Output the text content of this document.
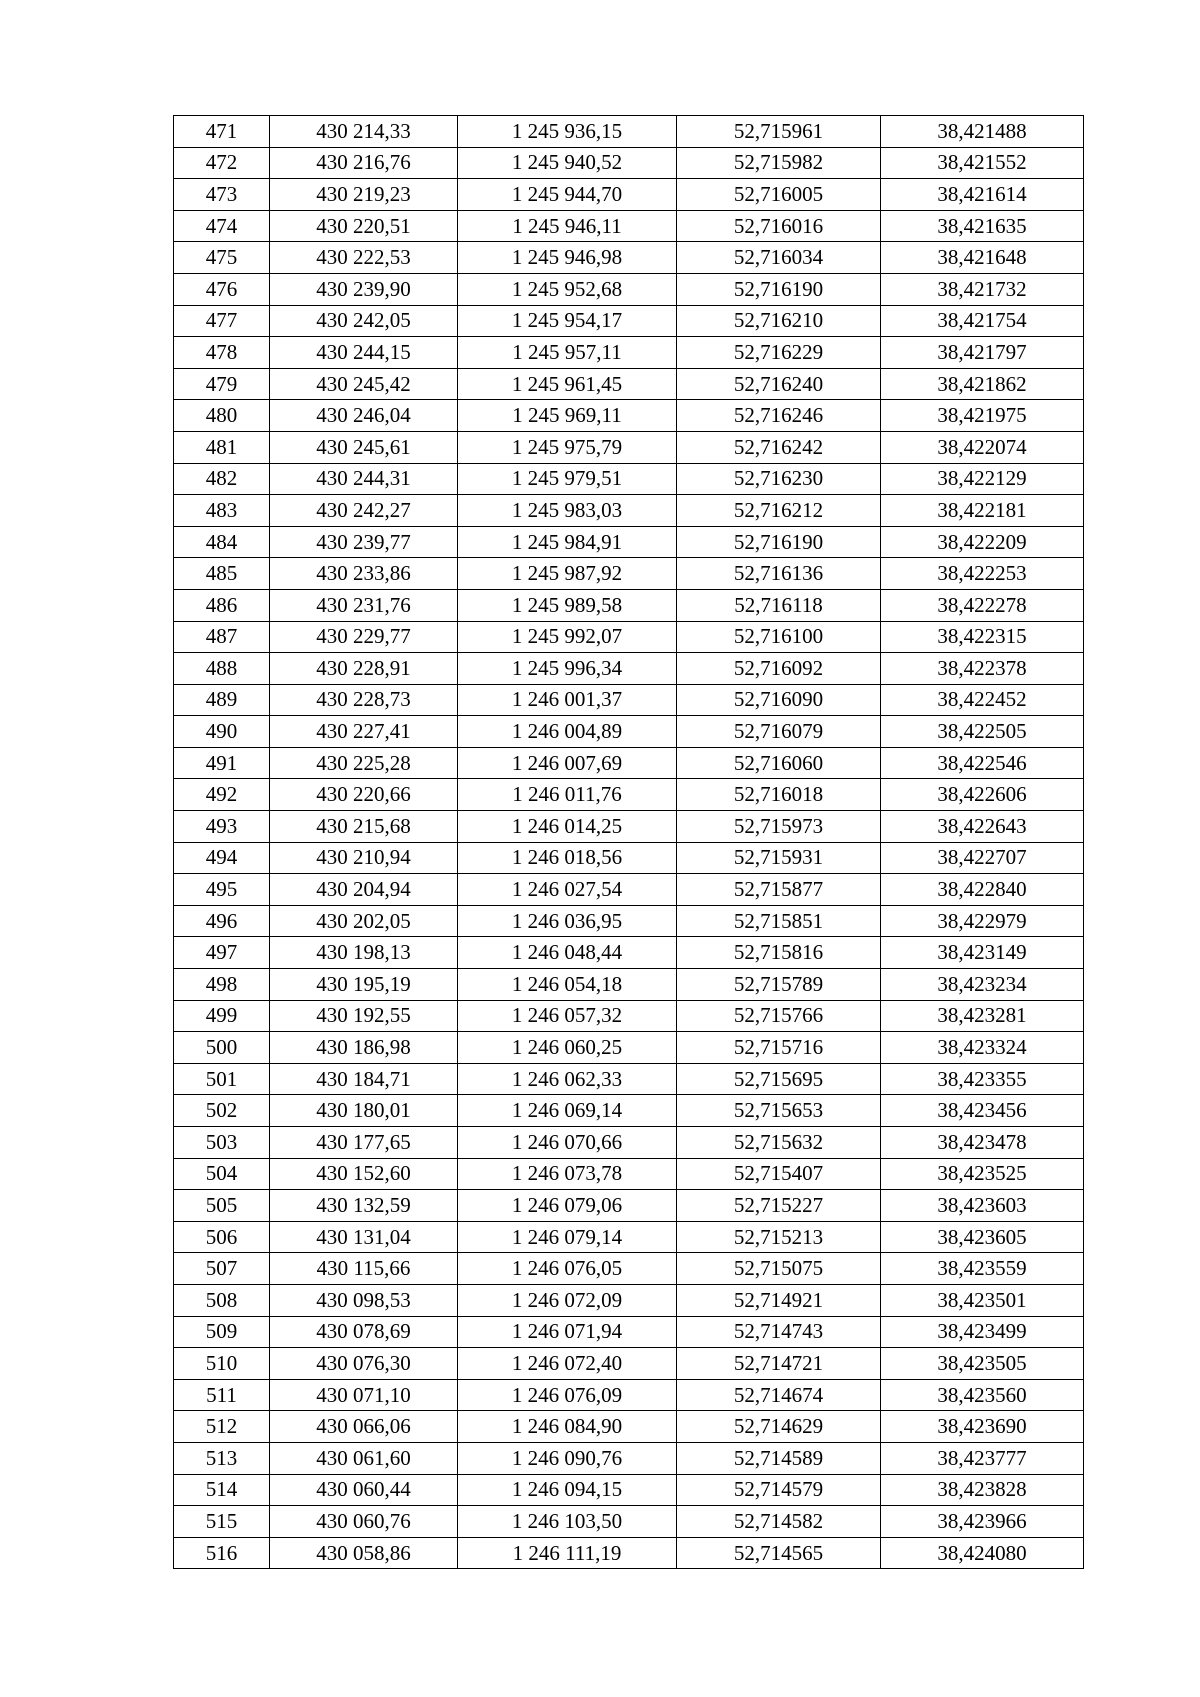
471	430 214,33	1 245 936,15	52,715961	38,421488
472	430 216,76	1 245 940,52	52,715982	38,421552
473	430 219,23	1 245 944,70	52,716005	38,421614
474	430 220,51	1 245 946,11	52,716016	38,421635
475	430 222,53	1 245 946,98	52,716034	38,421648
476	430 239,90	1 245 952,68	52,716190	38,421732
477	430 242,05	1 245 954,17	52,716210	38,421754
478	430 244,15	1 245 957,11	52,716229	38,421797
479	430 245,42	1 245 961,45	52,716240	38,421862
480	430 246,04	1 245 969,11	52,716246	38,421975
481	430 245,61	1 245 975,79	52,716242	38,422074
482	430 244,31	1 245 979,51	52,716230	38,422129
483	430 242,27	1 245 983,03	52,716212	38,422181
484	430 239,77	1 245 984,91	52,716190	38,422209
485	430 233,86	1 245 987,92	52,716136	38,422253
486	430 231,76	1 245 989,58	52,716118	38,422278
487	430 229,77	1 245 992,07	52,716100	38,422315
488	430 228,91	1 245 996,34	52,716092	38,422378
489	430 228,73	1 246 001,37	52,716090	38,422452
490	430 227,41	1 246 004,89	52,716079	38,422505
491	430 225,28	1 246 007,69	52,716060	38,422546
492	430 220,66	1 246 011,76	52,716018	38,422606
493	430 215,68	1 246 014,25	52,715973	38,422643
494	430 210,94	1 246 018,56	52,715931	38,422707
495	430 204,94	1 246 027,54	52,715877	38,422840
496	430 202,05	1 246 036,95	52,715851	38,422979
497	430 198,13	1 246 048,44	52,715816	38,423149
498	430 195,19	1 246 054,18	52,715789	38,423234
499	430 192,55	1 246 057,32	52,715766	38,423281
500	430 186,98	1 246 060,25	52,715716	38,423324
501	430 184,71	1 246 062,33	52,715695	38,423355
502	430 180,01	1 246 069,14	52,715653	38,423456
503	430 177,65	1 246 070,66	52,715632	38,423478
504	430 152,60	1 246 073,78	52,715407	38,423525
505	430 132,59	1 246 079,06	52,715227	38,423603
506	430 131,04	1 246 079,14	52,715213	38,423605
507	430 115,66	1 246 076,05	52,715075	38,423559
508	430 098,53	1 246 072,09	52,714921	38,423501
509	430 078,69	1 246 071,94	52,714743	38,423499
510	430 076,30	1 246 072,40	52,714721	38,423505
511	430 071,10	1 246 076,09	52,714674	38,423560
512	430 066,06	1 246 084,90	52,714629	38,423690
513	430 061,60	1 246 090,76	52,714589	38,423777
514	430 060,44	1 246 094,15	52,714579	38,423828
515	430 060,76	1 246 103,50	52,714582	38,423966
516	430 058,86	1 246 111,19	52,714565	38,424080
